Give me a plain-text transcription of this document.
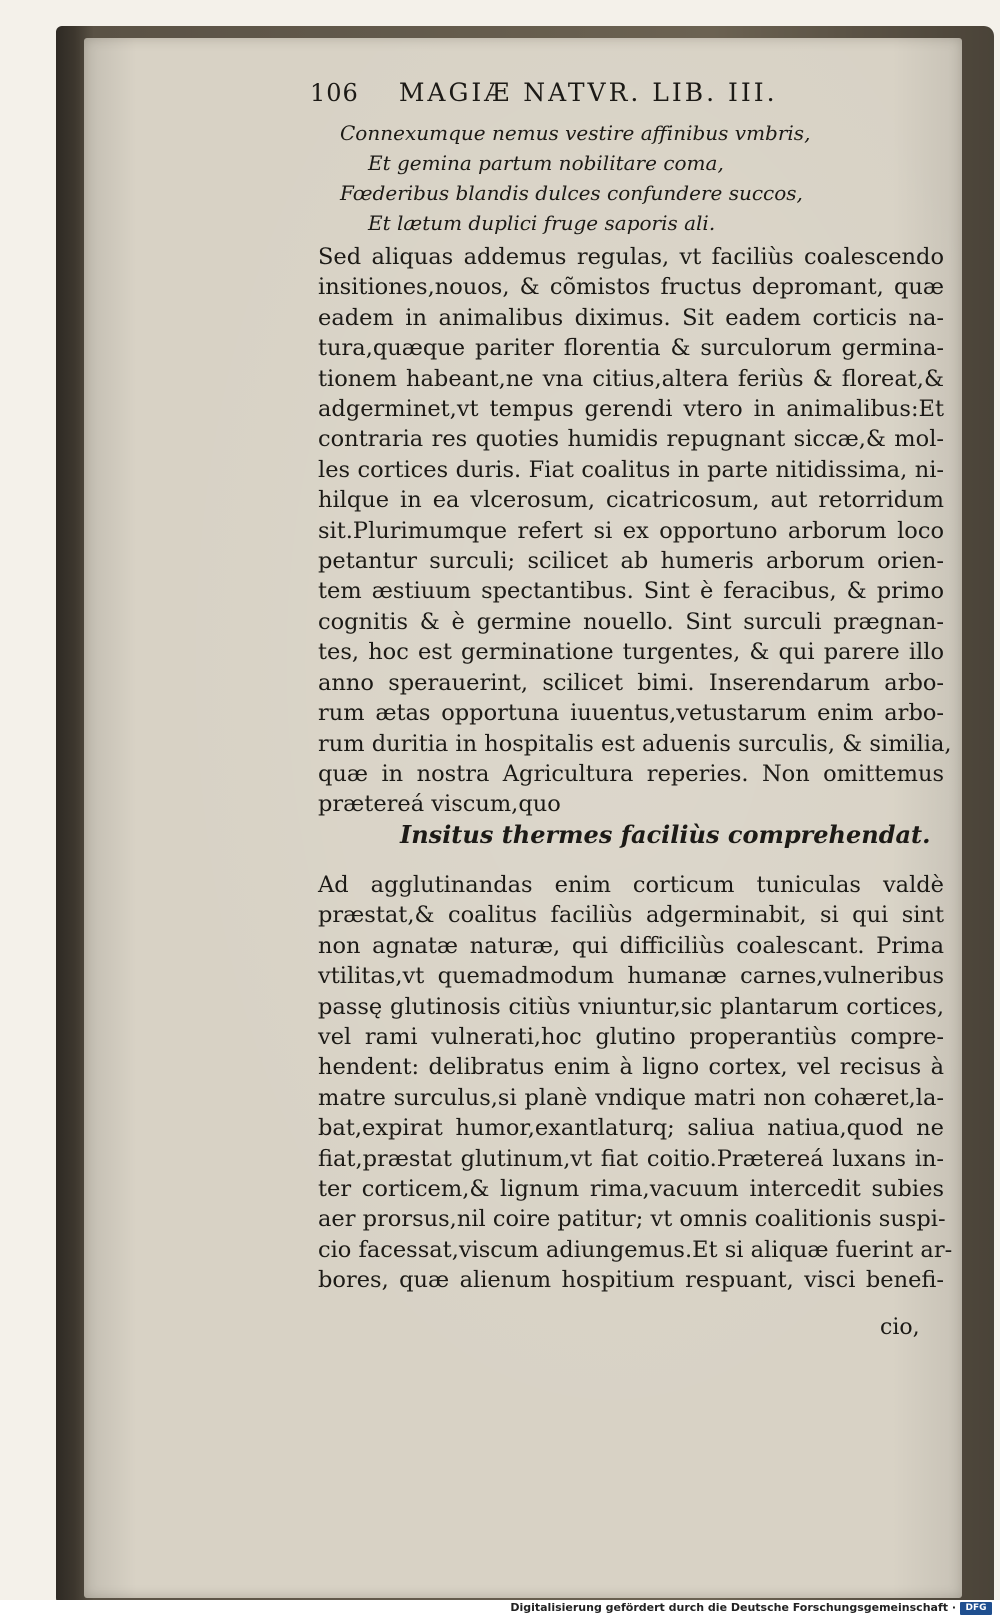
106 MAGIÆ NATVR. LIB. III.
Connexumque nemus vestire affinibus vmbris,
Et gemina partum nobilitare coma,
Fœderibus blandis dulces confundere succos,
Et lætum duplici fruge saporis ali.
Sed aliquas addemus regulas, vt faciliùs coalescendo
insitiones,nouos, & cõmistos fructus depromant, quæ
eadem in animalibus diximus. Sit eadem corticis na-
tura,quæque pariter florentia & surculorum germina-
tionem habeant,ne vna citius,altera feriùs & floreat,&
adgerminet,vt tempus gerendi vtero in animalibus:Et
contraria res quoties humidis repugnant siccæ,& mol-
les cortices duris. Fiat coalitus in parte nitidissima, ni-
hilque in ea vlcerosum, cicatricosum, aut retorridum
sit.Plurimumque refert si ex opportuno arborum loco
petantur surculi; scilicet ab humeris arborum orien-
tem æstiuum spectantibus. Sint è feracibus, & primo
cognitis & è germine nouello. Sint surculi prægnan-
tes, hoc est germinatione turgentes, & qui parere illo
anno sperauerint, scilicet bimi. Inserendarum arbo-
rum ætas opportuna iuuentus,vetustarum enim arbo-
rum duritia in hospitalis est aduenis surculis, & similia,
quæ in nostra Agricultura reperies. Non omittemus
prætereá viscum,quo
Insitus thermes faciliùs comprehendat.
Ad agglutinandas enim corticum tuniculas valdè
præstat,& coalitus faciliùs adgerminabit, si qui sint
non agnatæ naturæ, qui difficiliùs coalescant. Prima
vtilitas,vt quemadmodum humanæ carnes,vulneribus
passę glutinosis citiùs vniuntur,sic plantarum cortices,
vel rami vulnerati,hoc glutino properantiùs compre-
hendent: delibratus enim à ligno cortex, vel recisus à
matre surculus,si planè vndique matri non cohæret,la-
bat,expirat humor,exantlaturq; saliua natiua,quod ne
fiat,præstat glutinum,vt fiat coitio.Prætereá luxans in-
ter corticem,& lignum rima,vacuum intercedit subies
aer prorsus,nil coire patitur; vt omnis coalitionis suspi-
cio facessat,viscum adiungemus.Et si aliquæ fuerint ar-
bores, quæ alienum hospitium respuant, visci benefi-
cio,
Digitalisierung gefördert durch die Deutsche Forschungsgemeinschaft ·	DFG
